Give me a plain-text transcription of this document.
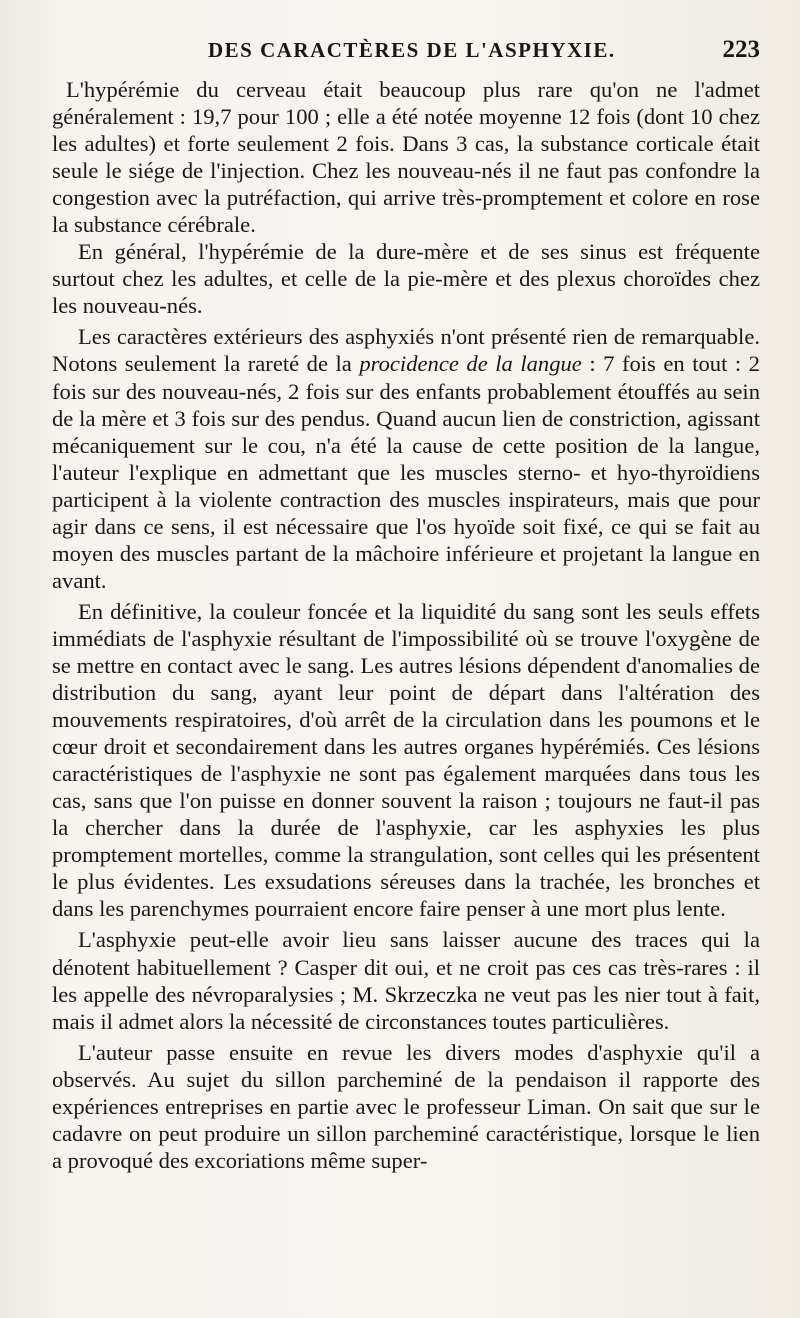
DES CARACTÈRES DE L'ASPHYXIE.	223

L'hypérémie du cerveau était beaucoup plus rare qu'on ne l'admet généralement : 19,7 pour 100 ; elle a été notée moyenne 12 fois (dont 10 chez les adultes) et forte seulement 2 fois. Dans 3 cas, la substance corticale était seule le siége de l'injection. Chez les nouveau-nés il ne faut pas confondre la congestion avec la putréfaction, qui arrive très-promptement et colore en rose la substance cérébrale.

En général, l'hypérémie de la dure-mère et de ses sinus est fréquente surtout chez les adultes, et celle de la pie-mère et des plexus choroïdes chez les nouveau-nés.

Les caractères extérieurs des asphyxiés n'ont présenté rien de remarquable. Notons seulement la rareté de la procidence de la langue : 7 fois en tout : 2 fois sur des nouveau-nés, 2 fois sur des enfants probablement étouffés au sein de la mère et 3 fois sur des pendus. Quand aucun lien de constriction, agissant mécaniquement sur le cou, n'a été la cause de cette position de la langue, l'auteur l'explique en admettant que les muscles sterno- et hyo-thyroïdiens participent à la violente contraction des muscles inspirateurs, mais que pour agir dans ce sens, il est nécessaire que l'os hyoïde soit fixé, ce qui se fait au moyen des muscles partant de la mâchoire inférieure et projetant la langue en avant.

En définitive, la couleur foncée et la liquidité du sang sont les seuls effets immédiats de l'asphyxie résultant de l'impossibilité où se trouve l'oxygène de se mettre en contact avec le sang. Les autres lésions dépendent d'anomalies de distribution du sang, ayant leur point de départ dans l'altération des mouvements respiratoires, d'où arrêt de la circulation dans les poumons et le cœur droit et secondairement dans les autres organes hypérémiés. Ces lésions caractéristiques de l'asphyxie ne sont pas également marquées dans tous les cas, sans que l'on puisse en donner souvent la raison ; toujours ne faut-il pas la chercher dans la durée de l'asphyxie, car les asphyxies les plus promptement mortelles, comme la strangulation, sont celles qui les présentent le plus évidentes. Les exsudations séreuses dans la trachée, les bronches et dans les parenchymes pourraient encore faire penser à une mort plus lente.

L'asphyxie peut-elle avoir lieu sans laisser aucune des traces qui la dénotent habituellement ? Casper dit oui, et ne croit pas ces cas très-rares : il les appelle des névroparalysies ; M. Skrzeczka ne veut pas les nier tout à fait, mais il admet alors la nécessité de circonstances toutes particulières.

L'auteur passe ensuite en revue les divers modes d'asphyxie qu'il a observés. Au sujet du sillon parcheminé de la pendaison il rapporte des expériences entreprises en partie avec le professeur Liman. On sait que sur le cadavre on peut produire un sillon parcheminé caractéristique, lorsque le lien a provoqué des excoriations même super-
